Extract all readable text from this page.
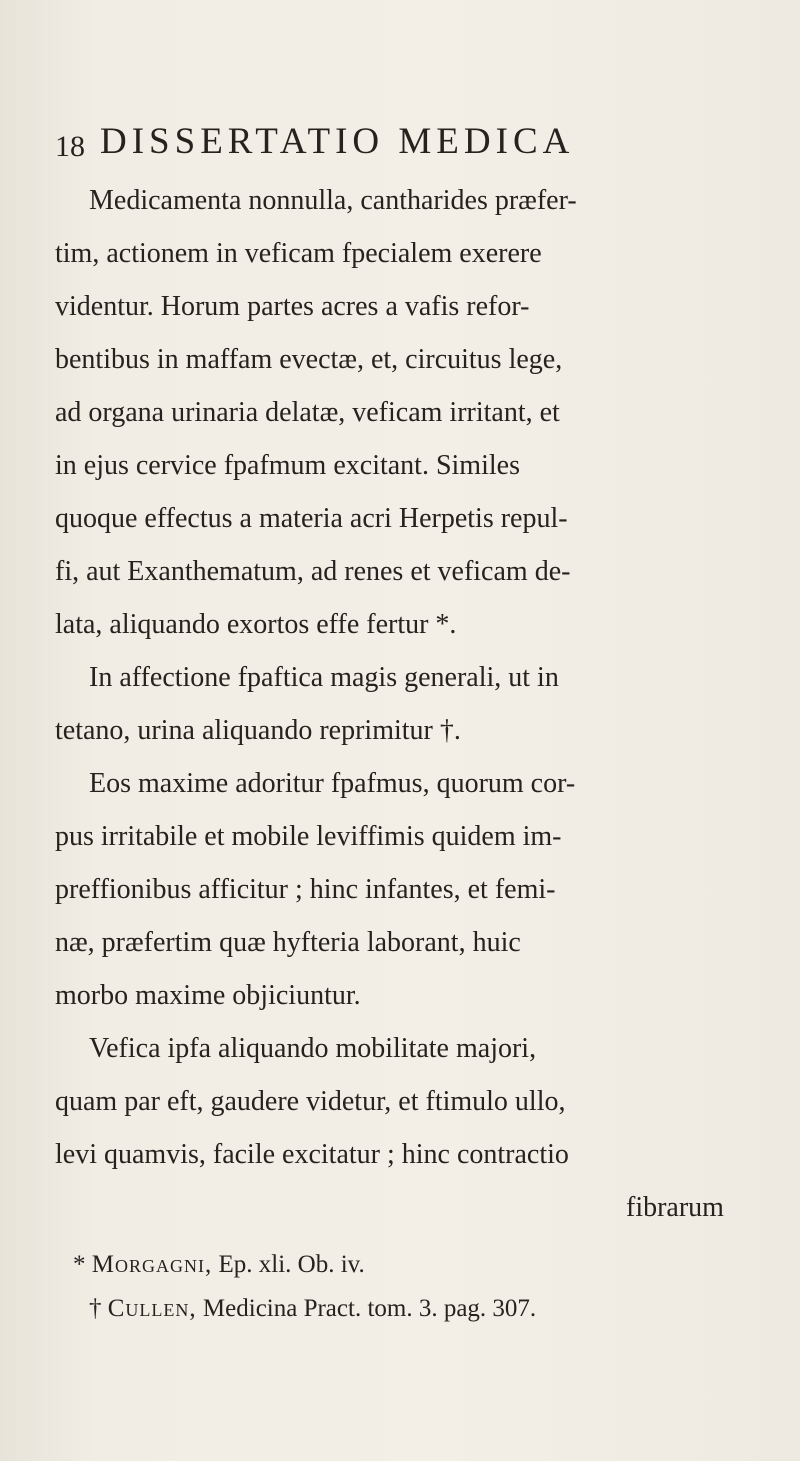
18 DISSERTATIO MEDICA
Medicamenta nonnulla, cantharides præfer-
tim, actionem in veficam fpecialem exerere
videntur. Horum partes acres a vafis refor-
bentibus in maffam evectæ, et, circuitus lege,
ad organa urinaria delatæ, veficam irritant, et
in ejus cervice fpafmum excitant. Similes
quoque effectus a materia acri Herpetis repul-
fi, aut Exanthematum, ad renes et veficam de-
lata, aliquando exortos effe fertur *.
In affectione fpaftica magis generali, ut in
tetano, urina aliquando reprimitur †.
Eos maxime adoritur fpafmus, quorum cor-
pus irritabile et mobile leviffimis quidem im-
preffionibus afficitur ; hinc infantes, et femi-
næ, præfertim quæ hyfteria laborant, huic
morbo maxime objiciuntur.
Vefica ipfa aliquando mobilitate majori,
quam par eft, gaudere videtur, et ftimulo ullo,
levi quamvis, facile excitatur ; hinc contractio
fibrarum
* Morgagni, Ep. xli. Ob. iv.
† Cullen, Medicina Pract. tom. 3. pag. 307.
